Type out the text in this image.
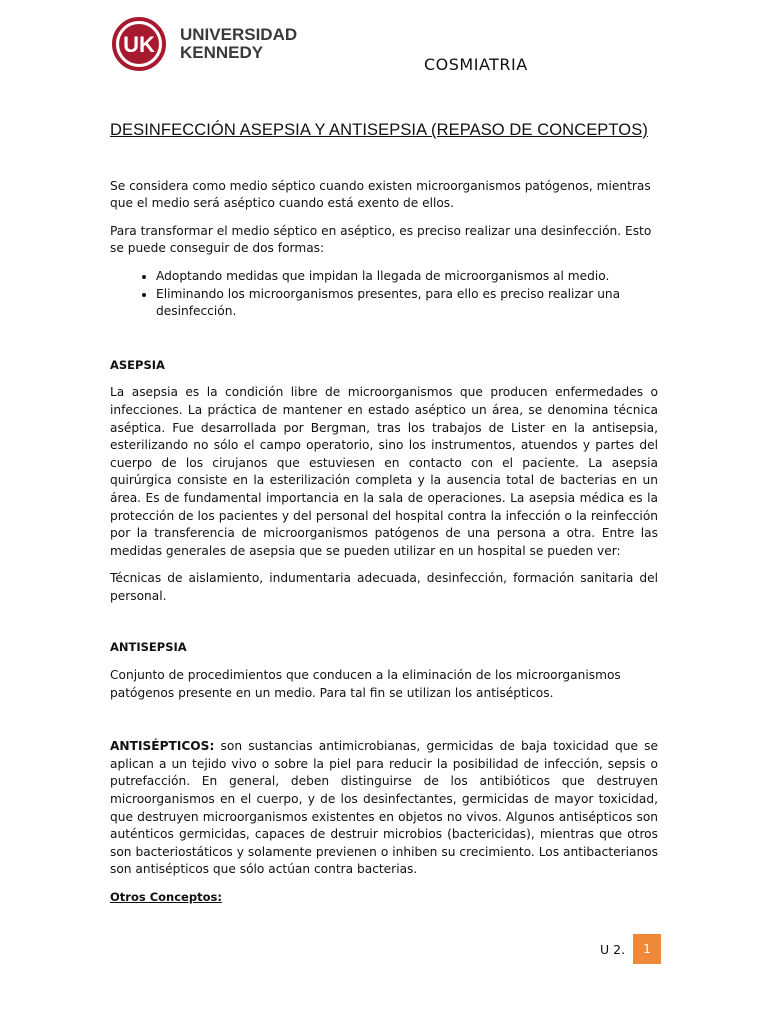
UK UNIVERSIDAD
KENNEDY
COSMIATRIA
DESINFECCIÓN ASEPSIA Y ANTISEPSIA (REPASO DE CONCEPTOS)

Se considera como medio séptico cuando existen microorganismos patógenos, mientras que el medio será aséptico cuando está exento de ellos.

Para transformar el medio séptico en aséptico, es preciso realizar una desinfección. Esto se puede conseguir de dos formas:

• Adoptando medidas que impidan la llegada de microorganismos al medio.
• Eliminando los microorganismos presentes, para ello es preciso realizar una desinfección.
ASEPSIA

La asepsia es la condición libre de microorganismos que producen enfermedades o infecciones. La práctica de mantener en estado aséptico un área, se denomina técnica aséptica. Fue desarrollada por Bergman, tras los trabajos de Lister en la antisepsia, esterilizando no sólo el campo operatorio, sino los instrumentos, atuendos y partes del cuerpo de los cirujanos que estuviesen en contacto con el paciente. La asepsia quirúrgica consiste en la esterilización completa y la ausencia total de bacterias en un área. Es de fundamental importancia en la sala de operaciones. La asepsia médica es la protección de los pacientes y del personal del hospital contra la infección o la reinfección por la transferencia de microorganismos patógenos de una persona a otra. Entre las medidas generales de asepsia que se pueden utilizar en un hospital se pueden ver:

Técnicas de aislamiento, indumentaria adecuada, desinfección, formación sanitaria del personal.

ANTISEPSIA

Conjunto de procedimientos que conducen a la eliminación de los microorganismos patógenos presente en un medio. Para tal fin se utilizan los antisépticos.

ANTISÉPTICOS: son sustancias antimicrobianas, germicidas de baja toxicidad que se aplican a un tejido vivo o sobre la piel para reducir la posibilidad de infección, sepsis o putrefacción. En general, deben distinguirse de los antibióticos que destruyen microorganismos en el cuerpo, y de los desinfectantes, germicidas de mayor toxicidad, que destruyen microorganismos existentes en objetos no vivos. Algunos antisépticos son auténticos germicidas, capaces de destruir microbios (bactericidas), mientras que otros son bacteriostáticos y solamente previenen o inhiben su crecimiento. Los antibacterianos son antisépticos que sólo actúan contra bacterias.

Otros Conceptos:
U 2.	1
